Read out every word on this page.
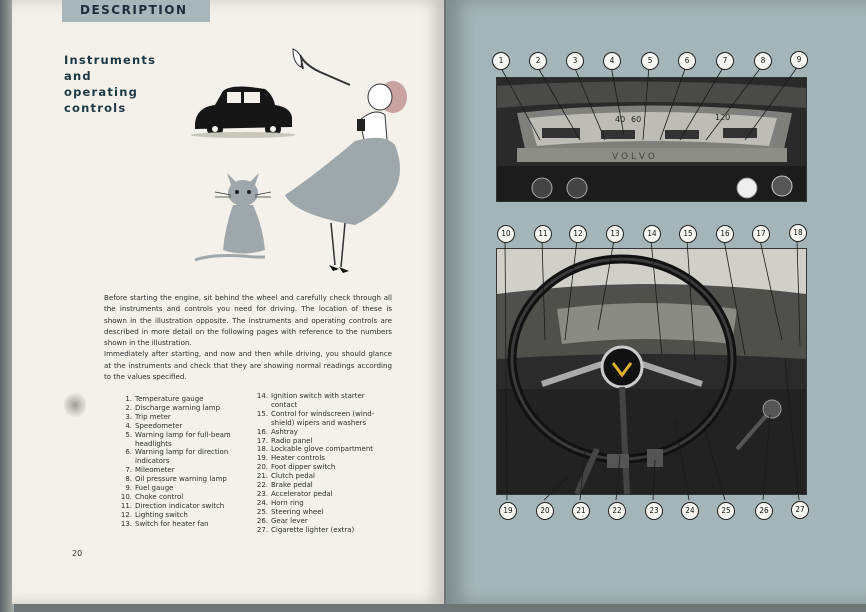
DESCRIPTION
Instruments
and
operating
controls

Before starting the engine, sit behind the wheel and carefully check through all the instruments and controls you need for driving. The location of these is shown in the illustration opposite. The instruments and operating controls are described in more detail on the following pages with reference to the numbers shown in the illustration.

Immediately after starting, and now and then while driving, you should glance at the instruments and check that they are showing normal readings according to the values specified.

1. Temperature gauge
2. Discharge warning lamp
3. Trip meter
4. Speedometer
5. Warning lamp for full-beam
headlights
6. Warning lamp for direction
indicators
7. Mileometer
8. Oil pressure warning lamp
9. Fuel gauge
10. Choke control
11. Direction indicator switch
12. Lighting switch
13. Switch for heater fan
14. Ignition switch with starter
contact
15. Control for windscreen (wind-
shield) wipers and washers
16. Ashtray
17. Radio panel
18. Lockable glove compartment
19. Heater controls
20. Foot dipper switch
21. Clutch pedal
22. Brake pedal
23. Accelerator pedal
24. Horn ring
25. Steering wheel
26. Gear lever
27. Cigarette lighter (extra)
20
40 60	120
V O L V O
1	2	3	4	5	6	7	8	9
10	11	12	13	14	15	16	17	18
19	20	21	22	23	24	25	26	27
